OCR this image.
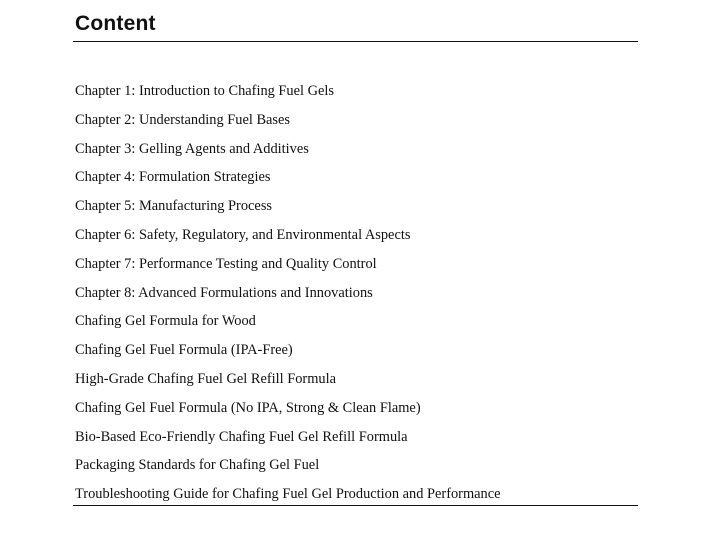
Content
Chapter 1: Introduction to Chafing Fuel Gels
Chapter 2: Understanding Fuel Bases
Chapter 3: Gelling Agents and Additives
Chapter 4: Formulation Strategies
Chapter 5: Manufacturing Process
Chapter 6: Safety, Regulatory, and Environmental Aspects
Chapter 7: Performance Testing and Quality Control
Chapter 8: Advanced Formulations and Innovations
Chafing Gel Formula for Wood
Chafing Gel Fuel Formula (IPA-Free)
High-Grade Chafing Fuel Gel Refill Formula
Chafing Gel Fuel Formula (No IPA, Strong & Clean Flame)
Bio-Based Eco-Friendly Chafing Fuel Gel Refill Formula
Packaging Standards for Chafing Gel Fuel
Troubleshooting Guide for Chafing Fuel Gel Production and Performance
